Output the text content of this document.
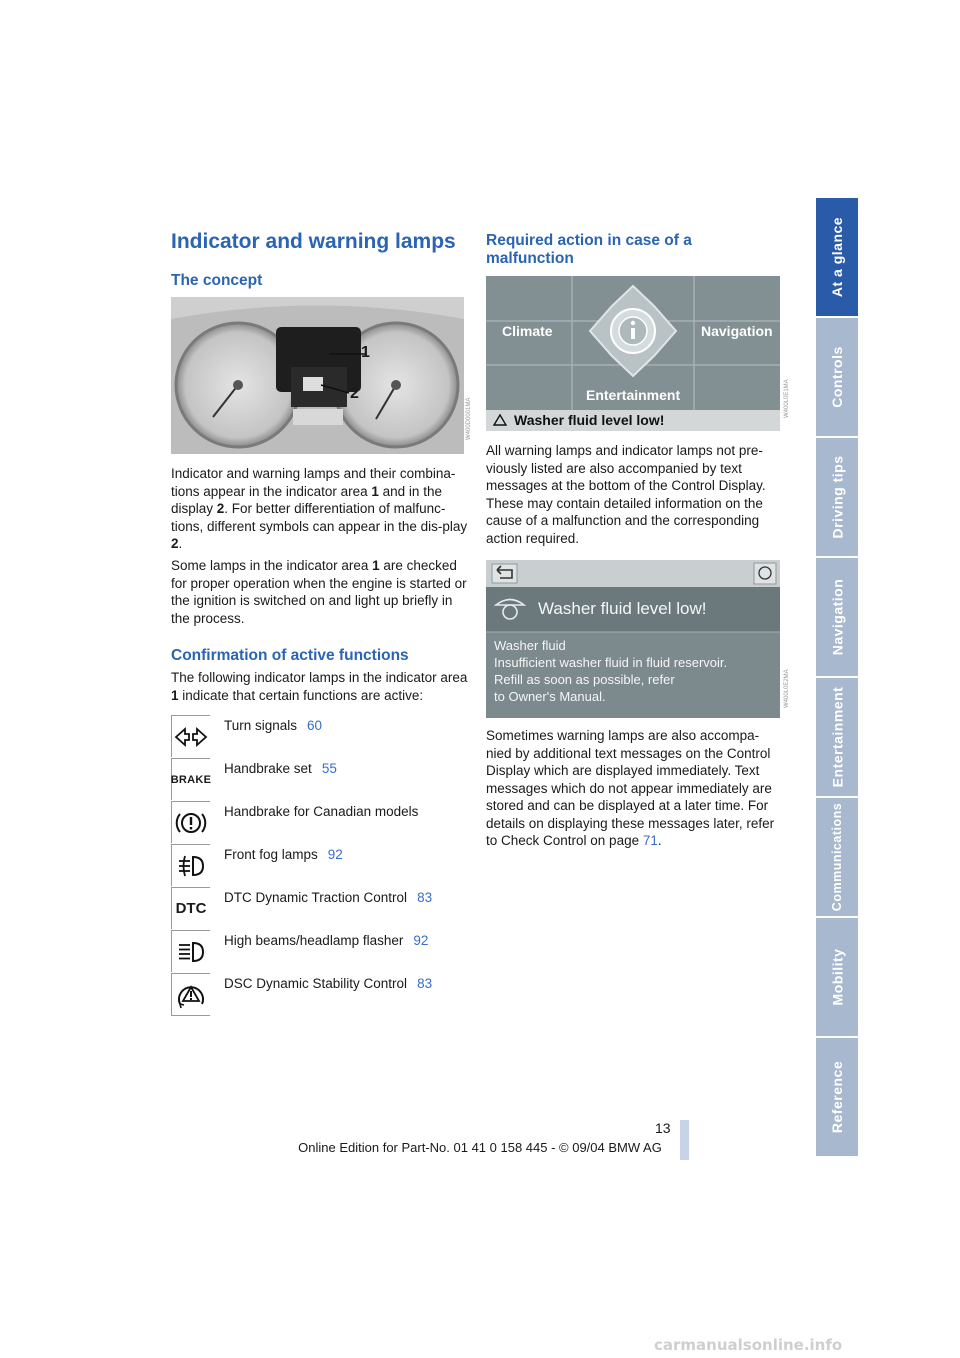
At a glance
Controls
Driving tips
Navigation
Entertainment
Communications
Mobility
Reference
Indicator and warning lamps
The concept
1
2
W400D0001MA

Indicator and warning lamps and their combina-tions appear in the indicator area 1 and in the display 2. For better differentiation of malfunc-tions, different symbols can appear in the dis-play 2.

Some lamps in the indicator area 1 are checked for proper operation when the engine is started or the ignition is switched on and light up briefly in the process.

Confirmation of active functions

The following indicator lamps in the indicator area 1 indicate that certain functions are active:

Turn signals 60
BRAKE
Handbrake set 55
Handbrake for Canadian models
Front fog lamps 92
DTC
DTC Dynamic Traction Control 83
High beams/headlamp flasher 92
DSC Dynamic Stability Control 83
Required action in case of a malfunction
Climate	Navigation
Entertainment
Washer fluid level low!
W400L0E1MA

All warning lamps and indicator lamps not pre-viously listed are also accompanied by text messages at the bottom of the Control Display. These may contain detailed information on the cause of a malfunction and the corresponding action required.

Washer fluid level low!
Washer fluid
Insufficient washer fluid in fluid reservoir.
Refill as soon as possible, refer
to Owner's Manual.	W400L0E2MA

Sometimes warning lamps are also accompa-nied by additional text messages on the Control Display which are displayed immediately. Text messages which do not appear immediately are stored and can be displayed at a later time. For details on displaying these messages later, refer to Check Control on page 71.

13
Online Edition for Part-No. 01 41 0 158 445 - © 09/04 BMW AG
carmanualsonline.info
